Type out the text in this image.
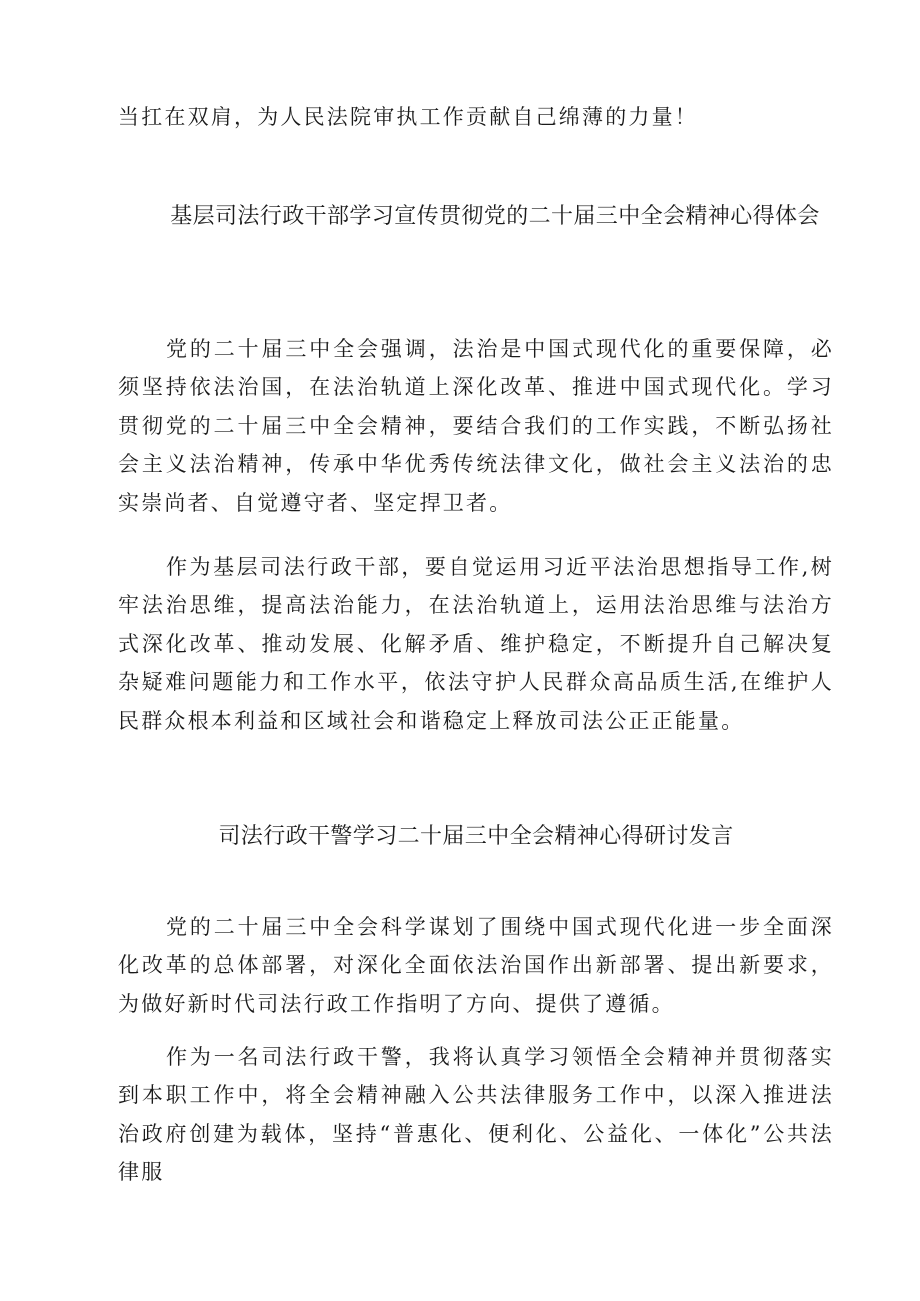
当扛在双肩，为人民法院审执工作贡献自己绵薄的力量！

基层司法行政干部学习宣传贯彻党的二十届三中全会精神心得体会

党的二十届三中全会强调，法治是中国式现代化的重要保障，必须坚持依法治国，在法治轨道上深化改革、推进中国式现代化。学习贯彻党的二十届三中全会精神，要结合我们的工作实践，不断弘扬社会主义法治精神，传承中华优秀传统法律文化，做社会主义法治的忠实崇尚者、自觉遵守者、坚定捍卫者。

作为基层司法行政干部，要自觉运用习近平法治思想指导工作,树牢法治思维，提高法治能力，在法治轨道上，运用法治思维与法治方式深化改革、推动发展、化解矛盾、维护稳定，不断提升自己解决复杂疑难问题能力和工作水平，依法守护人民群众高品质生活,在维护人民群众根本利益和区域社会和谐稳定上释放司法公正正能量。

司法行政干警学习二十届三中全会精神心得研讨发言

党的二十届三中全会科学谋划了围绕中国式现代化进一步全面深化改革的总体部署，对深化全面依法治国作出新部署、提出新要求，为做好新时代司法行政工作指明了方向、提供了遵循。

作为一名司法行政干警，我将认真学习领悟全会精神并贯彻落实到本职工作中，将全会精神融入公共法律服务工作中，以深入推进法治政府创建为载体，坚持“普惠化、便利化、公益化、一体化”公共法律服
